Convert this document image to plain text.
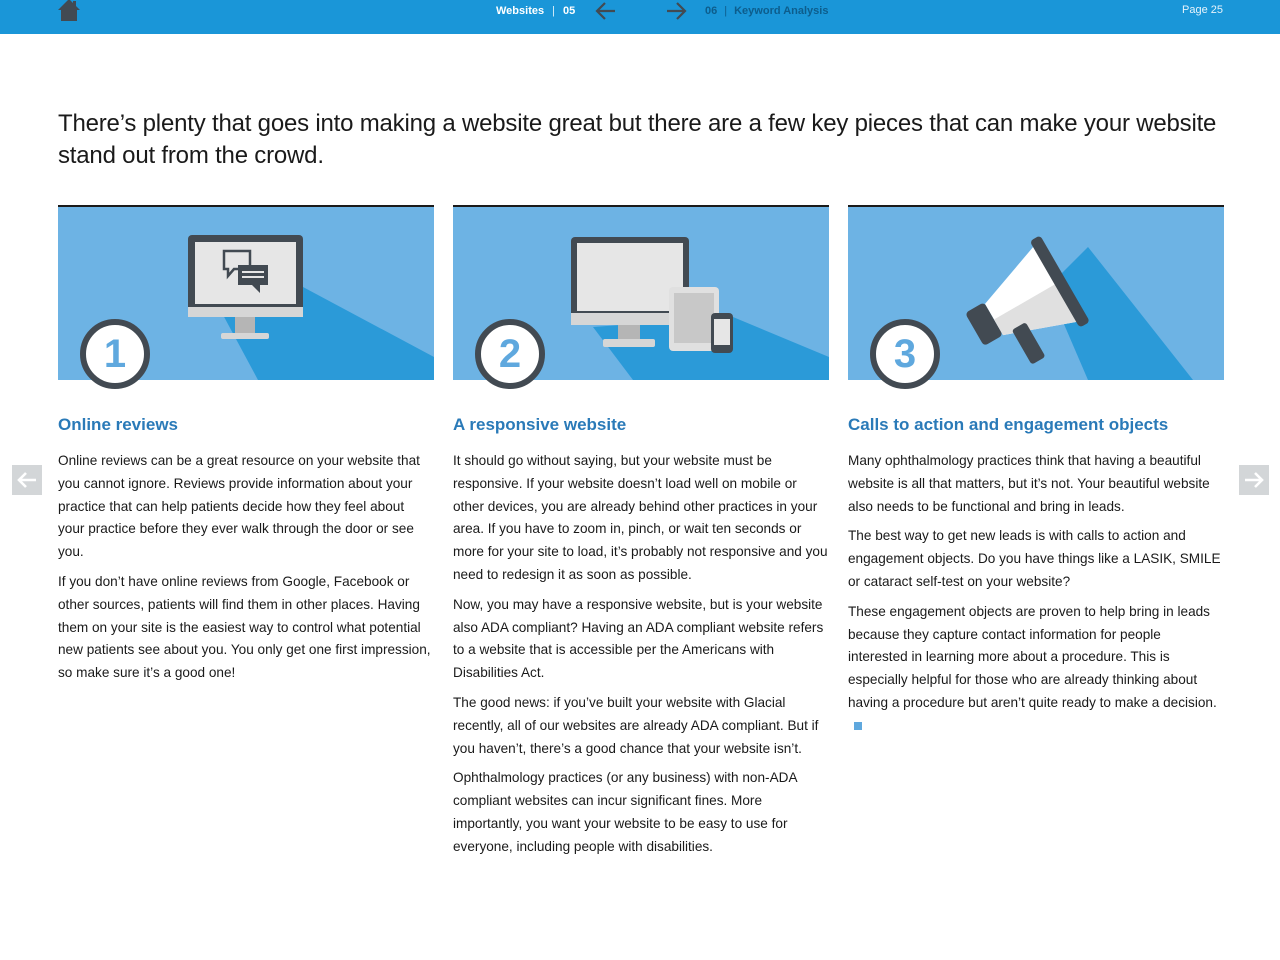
Websites | 05	06 | Keyword Analysis	Page 25
There’s plenty that goes into making a website great but there are a few key pieces that can make your website stand out from the crowd.
1
Online reviews

Online reviews can be a great resource on your website that you cannot ignore. Reviews provide information about your practice that can help patients decide how they feel about your practice before they ever walk through the door or see you.

If you don’t have online reviews from Google, Facebook or other sources, patients will find them in other places. Having them on your site is the easiest way to control what potential new patients see about you. You only get one first impression, so make sure it’s a good one!

2
A responsive website

It should go without saying, but your website must be responsive. If your website doesn’t load well on mobile or other devices, you are already behind other practices in your area. If you have to zoom in, pinch, or wait ten seconds or more for your site to load, it’s probably not responsive and you need to redesign it as soon as possible.

Now, you may have a responsive website, but is your website also ADA compliant? Having an ADA compliant website refers to a website that is accessible per the Americans with Disabilities Act.

The good news: if you’ve built your website with Glacial recently, all of our websites are already ADA compliant. But if you haven’t, there’s a good chance that your website isn’t.

Ophthalmology practices (or any business) with non-ADA compliant websites can incur significant fines. More importantly, you want your website to be easy to use for everyone, including people with disabilities.

3
Calls to action and engagement objects

Many ophthalmology practices think that having a beautiful website is all that matters, but it’s not. Your beautiful website also needs to be functional and bring in leads.

The best way to get new leads is with calls to action and engagement objects. Do you have things like a LASIK, SMILE or cataract self-test on your website?

These engagement objects are proven to help bring in leads because they capture contact information for people interested in learning more about a procedure. This is especially helpful for those who are already thinking about having a procedure but aren’t quite ready to make a decision.
